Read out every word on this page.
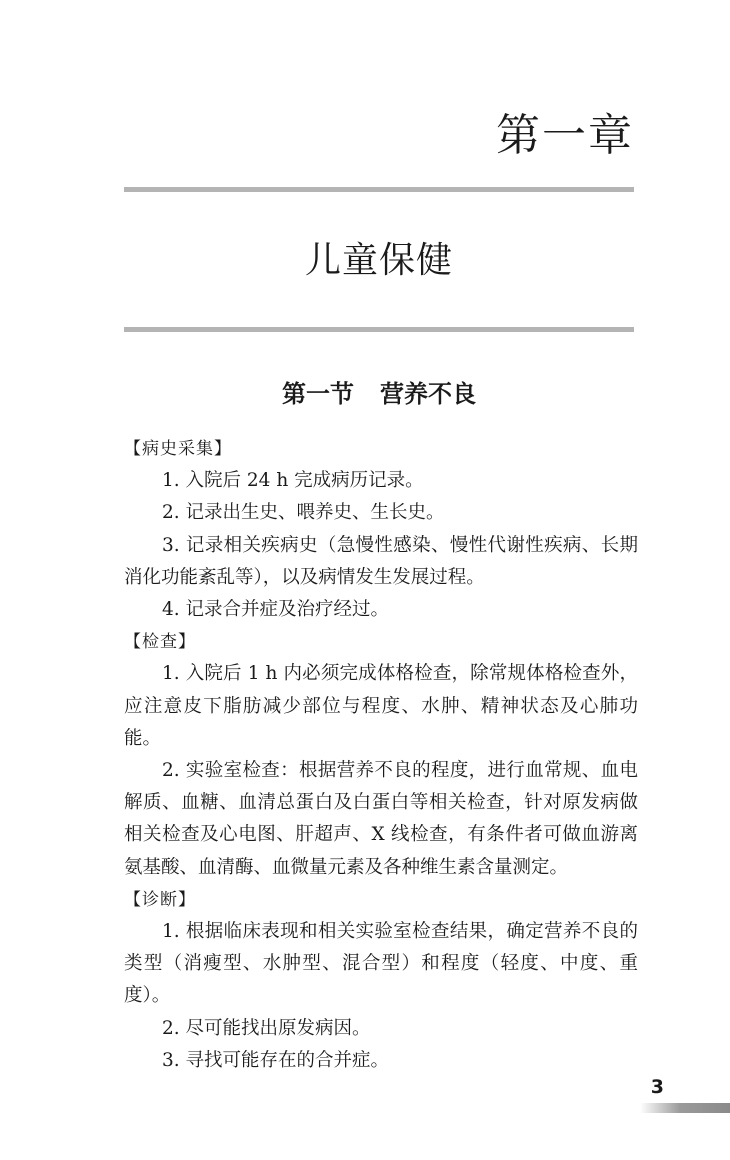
第一章
儿童保健
第一节 营养不良
【病史采集】

1. 入院后 24 h 完成病历记录。

2. 记录出生史、喂养史、生长史。

3. 记录相关疾病史（急慢性感染、慢性代谢性疾病、长期消化功能紊乱等），以及病情发生发展过程。

4. 记录合并症及治疗经过。

【检查】

1. 入院后 1 h 内必须完成体格检查，除常规体格检查外，应注意皮下脂肪减少部位与程度、水肿、精神状态及心肺功能。

2. 实验室检查：根据营养不良的程度，进行血常规、血电解质、血糖、血清总蛋白及白蛋白等相关检查，针对原发病做相关检查及心电图、肝超声、X 线检查，有条件者可做血游离氨基酸、血清酶、血微量元素及各种维生素含量测定。

【诊断】

1. 根据临床表现和相关实验室检查结果，确定营养不良的类型（消瘦型、水肿型、混合型）和程度（轻度、中度、重度）。

2. 尽可能找出原发病因。

3. 寻找可能存在的合并症。

3
